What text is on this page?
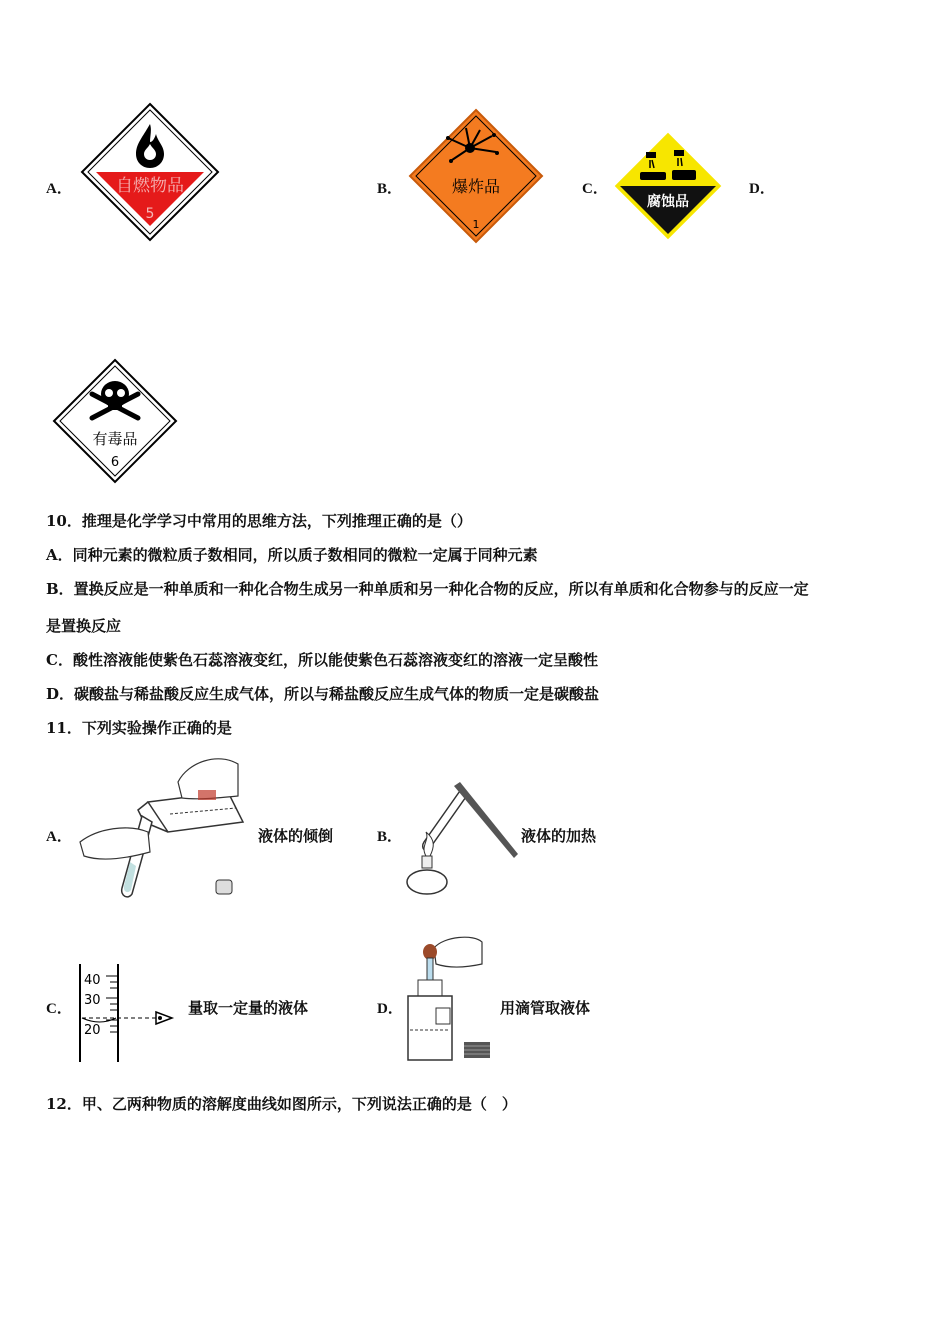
A．	自燃物品
5
B．	爆炸品
1
C．
腐蚀品
D．
有毒品
6
10．推理是化学学习中常用的思维方法，下列推理正确的是（）
A．同种元素的微粒质子数相同，所以质子数相同的微粒一定属于同种元素
B．置换反应是一种单质和一种化合物生成另一种单质和另一种化合物的反应，所以有单质和化合物参与的反应一定
是置换反应
C．酸性溶液能使紫色石蕊溶液变红，所以能使紫色石蕊溶液变红的溶液一定呈酸性
D．碳酸盐与稀盐酸反应生成气体，所以与稀盐酸反应生成气体的物质一定是碳酸盐
11．下列实验操作正确的是
A．	液体的倾倒	B．	液体的加热
C．
40
30
20
量取一定量的液体	D．	用滴管取液体
12．甲、乙两种物质的溶解度曲线如图所示，下列说法正确的是（　）
